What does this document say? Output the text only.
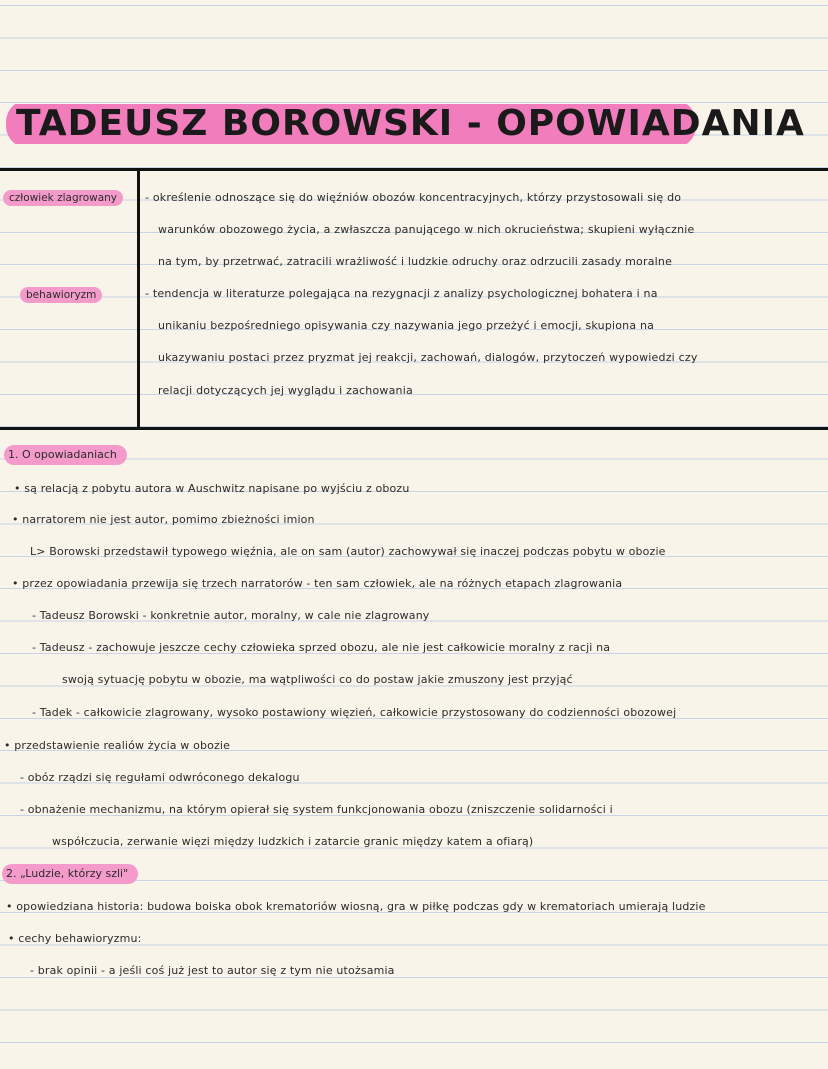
TADEUSZ BOROWSKI - OPOWIADANIA
człowiek zlagrowany	- określenie odnoszące się do więźniów obozów koncentracyjnych, którzy przystosowali się do
warunków obozowego życia, a zwłaszcza panującego w nich okrucieństwa; skupieni wyłącznie
na tym, by przetrwać, zatracili wrażliwość i ludzkie odruchy oraz odrzucili zasady moralne
behawioryzm	- tendencja w literaturze polegająca na rezygnacji z analizy psychologicznej bohatera i na
unikaniu bezpośredniego opisywania czy nazywania jego przeżyć i emocji, skupiona na
ukazywaniu postaci przez pryzmat jej reakcji, zachowań, dialogów, przytoczeń wypowiedzi czy
relacji dotyczących jej wyglądu i zachowania
1. O opowiadaniach
• są relacją z pobytu autora w Auschwitz napisane po wyjściu z obozu
• narratorem nie jest autor, pomimo zbieżności imion
L> Borowski przedstawił typowego więźnia, ale on sam (autor) zachowywał się inaczej podczas pobytu w obozie
• przez opowiadania przewija się trzech narratorów - ten sam człowiek, ale na różnych etapach zlagrowania
- Tadeusz Borowski - konkretnie autor, moralny, w cale nie zlagrowany
- Tadeusz - zachowuje jeszcze cechy człowieka sprzed obozu, ale nie jest całkowicie moralny z racji na
swoją sytuację pobytu w obozie, ma wątpliwości co do postaw jakie zmuszony jest przyjąć
- Tadek - całkowicie zlagrowany, wysoko postawiony więzień, całkowicie przystosowany do codzienności obozowej
• przedstawienie realiów życia w obozie
- obóz rządzi się regułami odwróconego dekalogu
- obnażenie mechanizmu, na którym opierał się system funkcjonowania obozu (zniszczenie solidarności i
współczucia, zerwanie więzi między ludzkich i zatarcie granic między katem a ofiarą)
2. „Ludzie, którzy szli"
• opowiedziana historia: budowa boiska obok krematoriów wiosną, gra w piłkę podczas gdy w krematoriach umierają ludzie
• cechy behawioryzmu:
- brak opinii - a jeśli coś już jest to autor się z tym nie utożsamia
